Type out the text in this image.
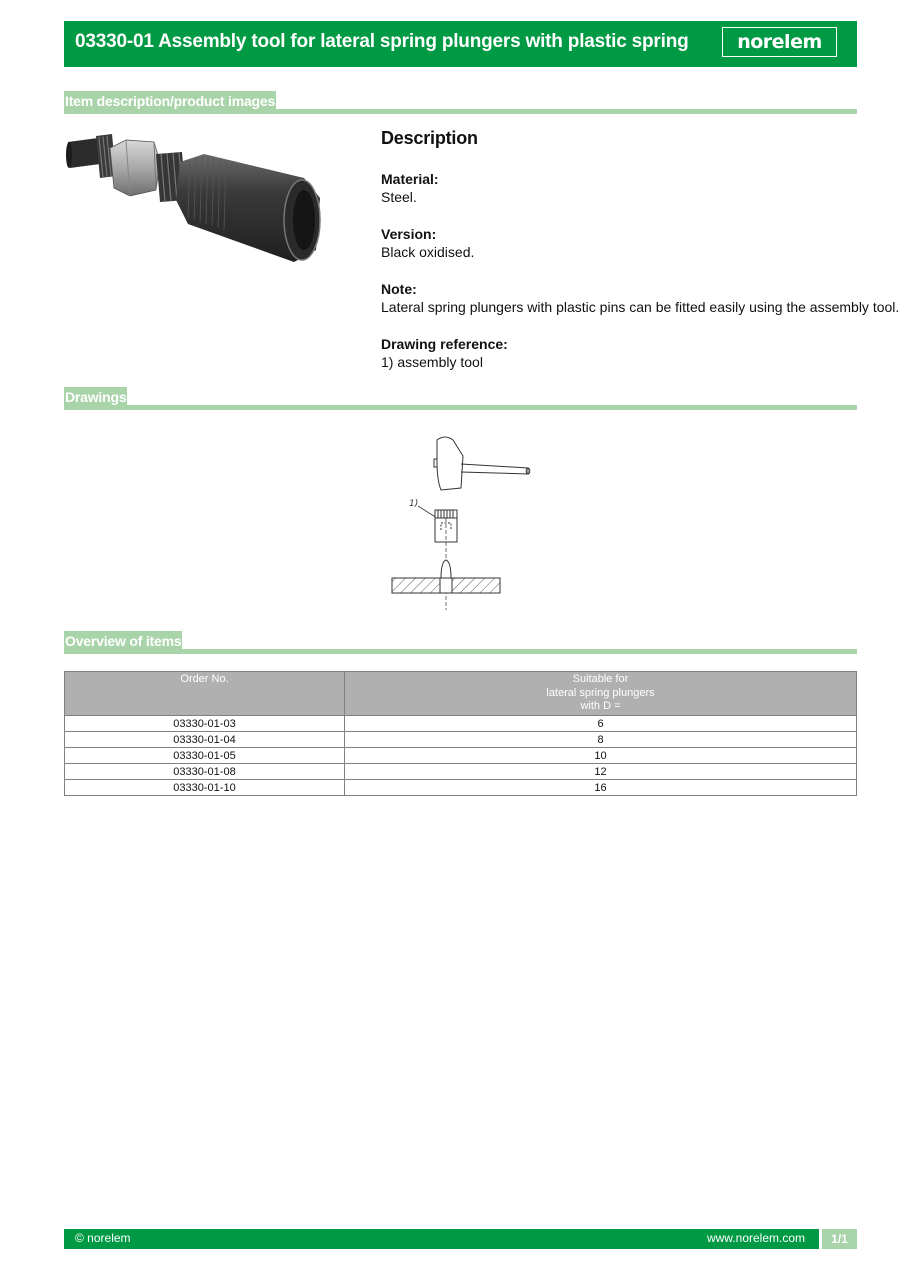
03330-01 Assembly tool for lateral spring plungers with plastic spring	norelem
Item description/product images
Description
Material:
Steel.
Version:
Black oxidised.
Note:
Lateral spring plungers with plastic pins can be fitted easily using the assembly tool.
Drawing reference:
1) assembly tool
Drawings
1)
Overview of items
Order No.	Suitable for
lateral spring plungers
with D =

03330-01-03	6
03330-01-04	8
03330-01-05	10
03330-01-08	12
03330-01-10	16
© norelem	www.norelem.com	1/1
